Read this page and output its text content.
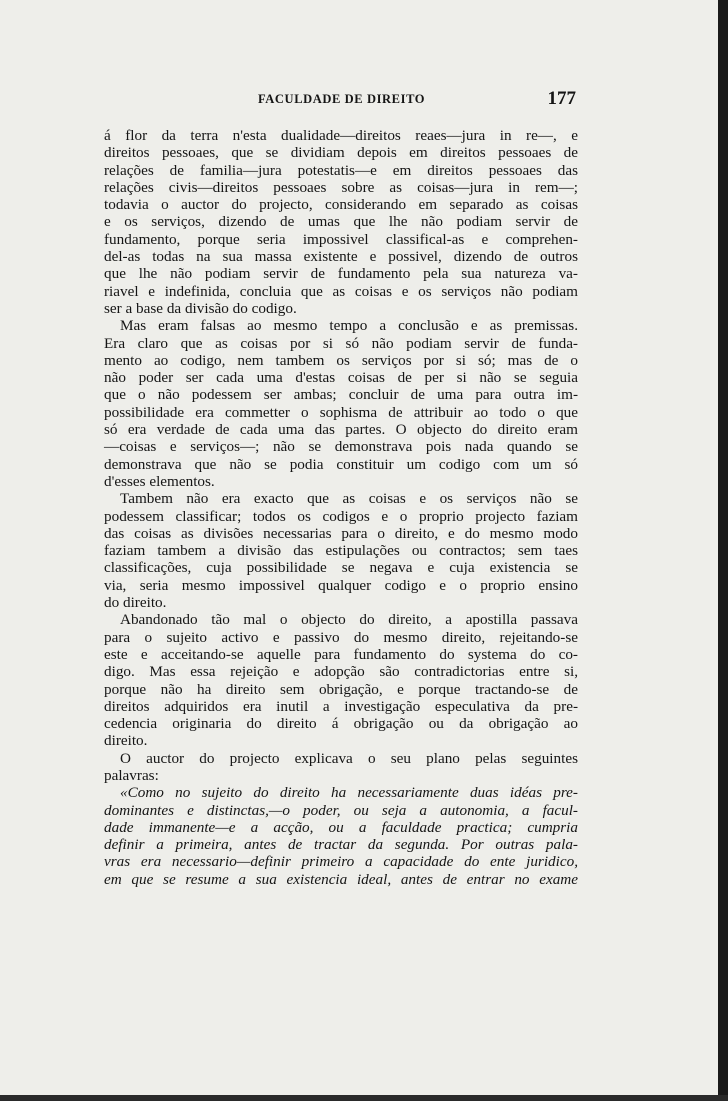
FACULDADE DE DIREITO	177
á flor da terra n'esta dualidade—direitos reaes—jura in re—, e
direitos pessoaes, que se dividiam depois em direitos pessoaes de
relações de familia—jura potestatis—e em direitos pessoaes das
relações civis—direitos pessoaes sobre as coisas—jura in rem—;
todavia o auctor do projecto, considerando em separado as coisas
e os serviços, dizendo de umas que lhe não podiam servir de
fundamento, porque seria impossivel classifical-as e comprehen-
del-as todas na sua massa existente e possivel, dizendo de outros
que lhe não podiam servir de fundamento pela sua natureza va-
riavel e indefinida, concluia que as coisas e os serviços não podiam
ser a base da divisão do codigo.
Mas eram falsas ao mesmo tempo a conclusão e as premissas.
Era claro que as coisas por si só não podiam servir de funda-
mento ao codigo, nem tambem os serviços por si só; mas de o
não poder ser cada uma d'estas coisas de per si não se seguia
que o não podessem ser ambas; concluir de uma para outra im-
possibilidade era commetter o sophisma de attribuir ao todo o que
só era verdade de cada uma das partes. O objecto do direito eram
—coisas e serviços—; não se demonstrava pois nada quando se
demonstrava que não se podia constituir um codigo com um só
d'esses elementos.
Tambem não era exacto que as coisas e os serviços não se
podessem classificar; todos os codigos e o proprio projecto faziam
das coisas as divisões necessarias para o direito, e do mesmo modo
faziam tambem a divisão das estipulações ou contractos; sem taes
classificações, cuja possibilidade se negava e cuja existencia se
via, seria mesmo impossivel qualquer codigo e o proprio ensino
do direito.
Abandonado tão mal o objecto do direito, a apostilla passava
para o sujeito activo e passivo do mesmo direito, rejeitando-se
este e acceitando-se aquelle para fundamento do systema do co-
digo. Mas essa rejeição e adopção são contradictorias entre si,
porque não ha direito sem obrigação, e porque tractando-se de
direitos adquiridos era inutil a investigação especulativa da pre-
cedencia originaria do direito á obrigação ou da obrigação ao
direito.
O auctor do projecto explicava o seu plano pelas seguintes
palavras:
«Como no sujeito do direito ha necessariamente duas idéas pre-
dominantes e distinctas,—o poder, ou seja a autonomia, a facul-
dade immanente—e a acção, ou a faculdade practica; cumpria
definir a primeira, antes de tractar da segunda. Por outras pala-
vras era necessario—definir primeiro a capacidade do ente juridico,
em que se resume a sua existencia ideal, antes de entrar no exame
